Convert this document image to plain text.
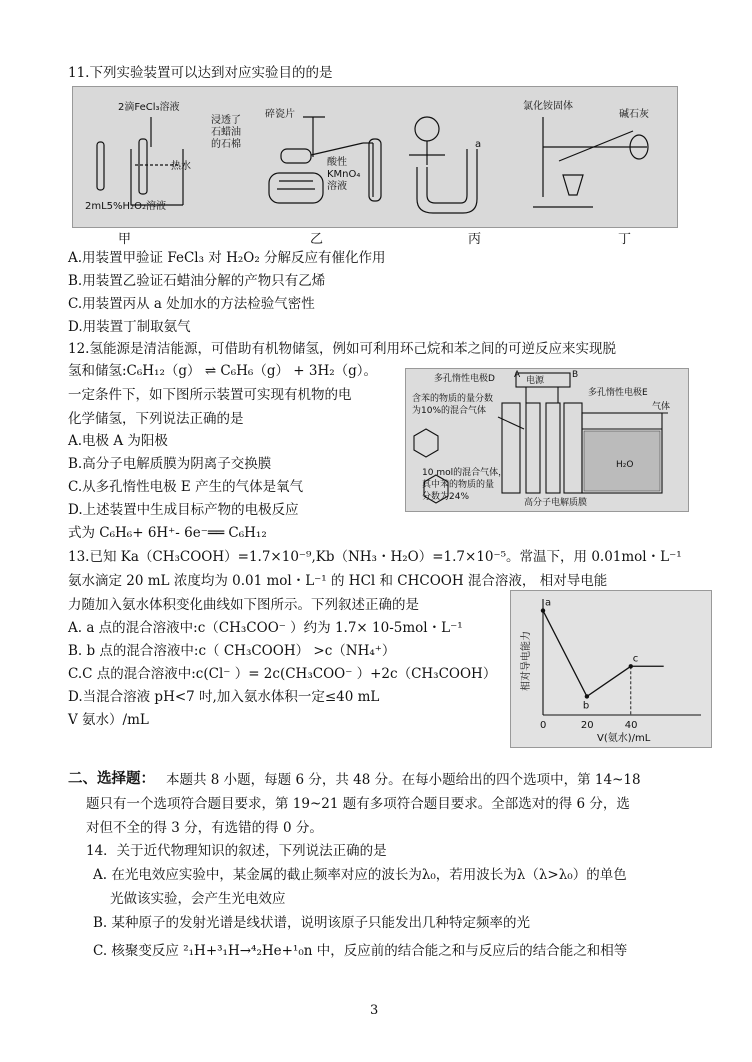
11.下列实验装置可以达到对应实验目的的是
2滴FeCl₃溶液
热水
2mL5%H₂O₂溶液
浸透了
石蜡油
的石棉
碎瓷片
酸性
KMnO₄
溶液
a
氯化铵固体
碱石灰
甲	乙	丙	丁
A.用装置甲验证 FeCl₃ 对 H₂O₂ 分解反应有催化作用
B.用装置乙验证石蜡油分解的产物只有乙烯
C.用装置丙从 a 处加水的方法检验气密性
D.用装置丁制取氨气
12.氢能源是清洁能源，可借助有机物储氢，例如可利用环己烷和苯之间的可逆反应来实现脱
氢和储氢:C₆H₁₂（g） ⇌ C₆H₆（g） + 3H₂（g）。
一定条件下，如下图所示装置可实现有机物的电
化学储氢，下列说法正确的是
A.电极 A 为阳极
B.高分子电解质膜为阴离子交换膜
C.从多孔惰性电极 E 产生的气体是氧气
D.上述装置中生成目标产物的电极反应
式为 C₆H₆+ 6H⁺- 6e⁻══ C₆H₁₂
多孔惰性电极D	电源
A	B
多孔惰性电极E
含苯的物质的量分数
为10%的混合气体	气体
H₂O
10 mol的混合气体，
其中苯的物质的量
分数为24%
高分子电解质膜
13.已知 Ka（CH₃COOH）=1.7×10⁻⁹,Kb（NH₃・H₂O）=1.7×10⁻⁵。常温下，用 0.01mol・L⁻¹
氨水滴定 20 mL 浓度均为 0.01 mol・L⁻¹ 的 HCl 和 CHCOOH 混合溶液， 相对导电能
力随加入氨水体积变化曲线如下图所示。下列叙述正确的是
A. a 点的混合溶液中:c（CH₃COO⁻ ）约为 1.7× 10-5mol・L⁻¹
B. b 点的混合溶液中:c（ CH₃COOH） >c（NH₄⁺）
C.C 点的混合溶液中:c(Cl⁻ ）= 2c(CH₃COO⁻ ）+2c（CH₃COOH）
D.当混合溶液 pH<7 吋,加入氨水体积一定≤40 mL
V 氨水）/mL
相对导电能力
V(氨水)/mL
a
b
c
0	20	40
二、选择题： 本题共 8 小题，每题 6 分，共 48 分。在每小题给出的四个选项中，第 14~18
题只有一个选项符合题目要求，第 19~21 题有多项符合题目要求。全部选对的得 6 分，选
对但不全的得 3 分，有选错的得 0 分。
14．关于近代物理知识的叙述，下列说法正确的是
A. 在光电效应实验中，某金属的截止频率对应的波长为λ₀，若用波长为λ（λ>λ₀）的单色
光做该实验，会产生光电效应
B. 某种原子的发射光谱是线状谱，说明该原子只能发出几种特定频率的光
C. 核聚变反应 ²₁H+³₁H→⁴₂He+¹₀n 中，反应前的结合能之和与反应后的结合能之和相等
3
